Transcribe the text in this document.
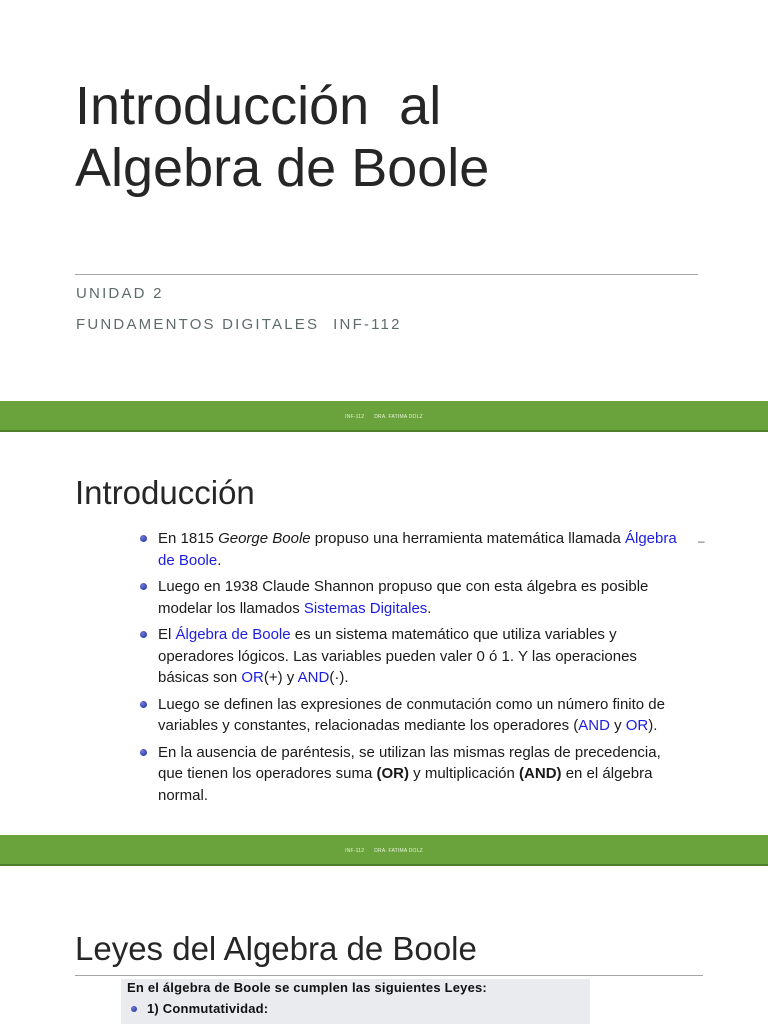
Introducción  al

Algebra de Boole

UNIDAD 2
FUNDAMENTOS DIGITALES INF-112
INF-112 DRA. FATIMA DOLZ
Introducción
–
En 1815 George Boole propuso una herramienta matemática llamada Álgebra de Boole.
Luego en 1938 Claude Shannon propuso que con esta álgebra es posible modelar los llamados Sistemas Digitales.
El Álgebra de Boole es un sistema matemático que utiliza variables y operadores lógicos. Las variables pueden valer 0 ó 1. Y las operaciones básicas son OR(+) y AND(·).
Luego se definen las expresiones de conmutación como un número finito de variables y constantes, relacionadas mediante los operadores (AND y OR).
En la ausencia de paréntesis, se utilizan las mismas reglas de precedencia, que tienen los operadores suma (OR) y multiplicación (AND) en el álgebra normal.
INF-112 DRA. FATIMA DOLZ
Leyes del Algebra de Boole
En el álgebra de Boole se cumplen las siguientes Leyes:
1) Conmutatividad:
